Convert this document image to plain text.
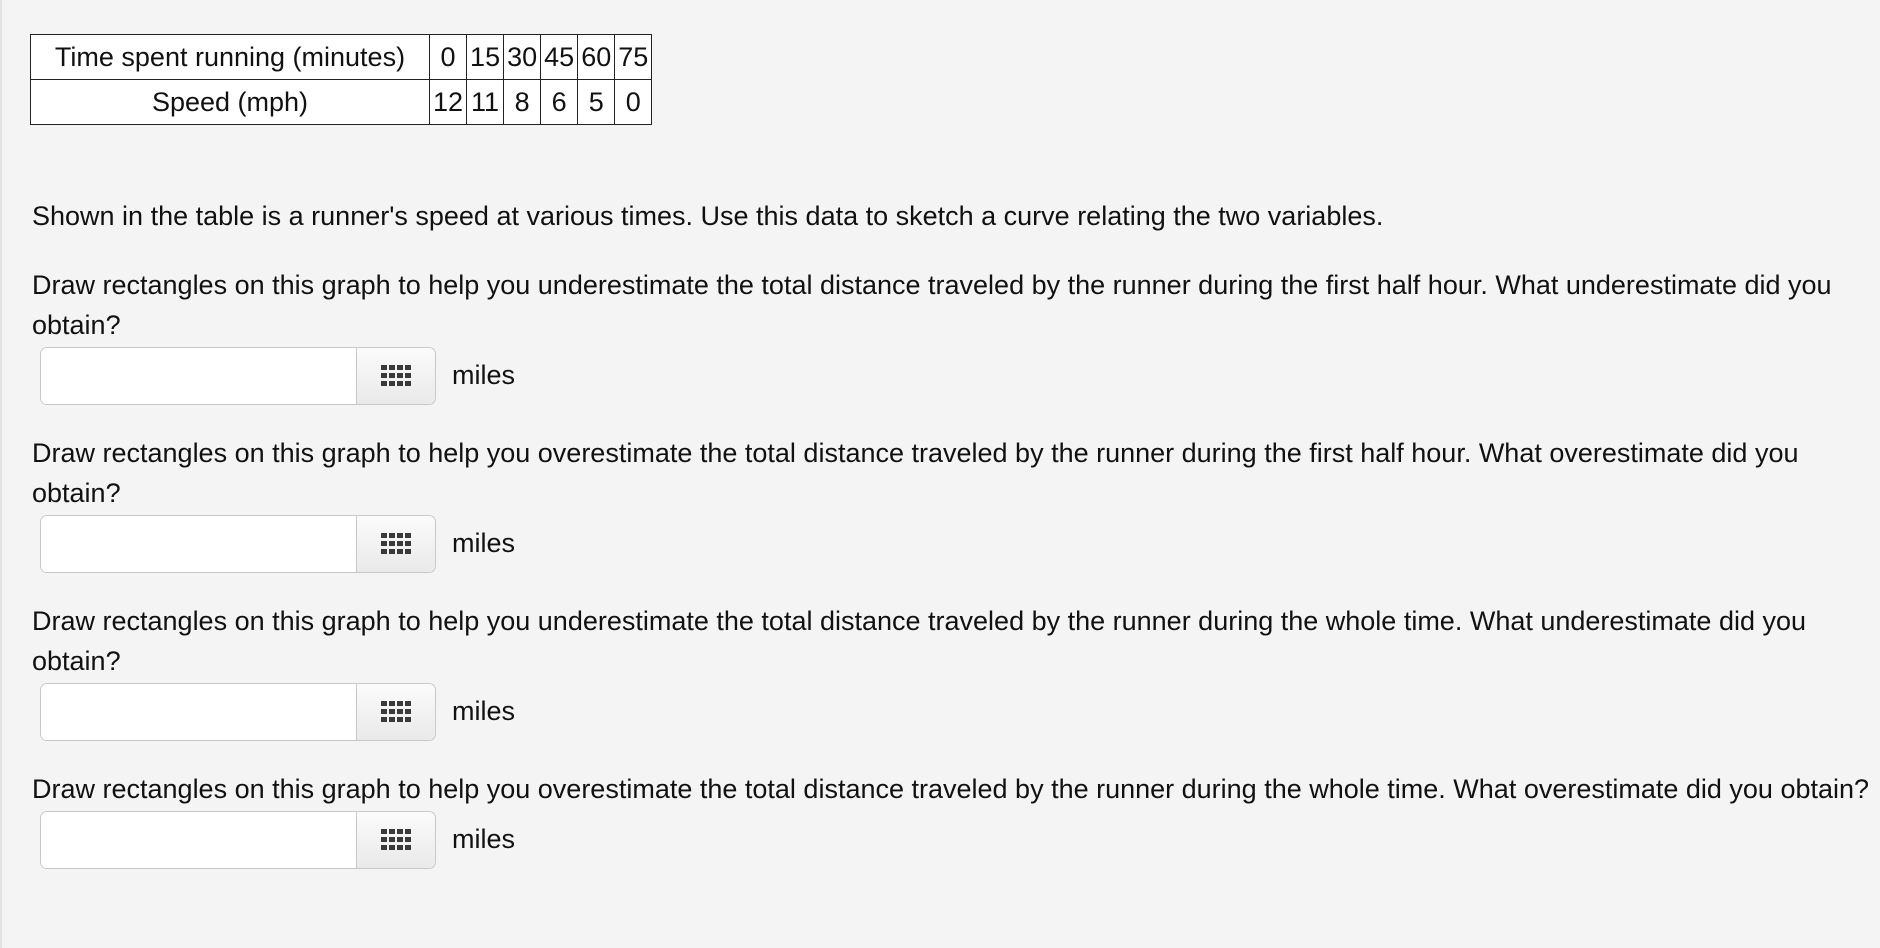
Time spent running (minutes)	0	15	30	45	60	75
Speed (mph)	12	11	8	6	5	0

Shown in the table is a runner's speed at various times. Use this data to sketch a curve relating the two variables.

Draw rectangles on this graph to help you underestimate the total distance traveled by the runner during the first half hour. What underestimate did you obtain?

miles

Draw rectangles on this graph to help you overestimate the total distance traveled by the runner during the first half hour. What overestimate did you obtain?

miles

Draw rectangles on this graph to help you underestimate the total distance traveled by the runner during the whole time. What underestimate did you obtain?

miles

Draw rectangles on this graph to help you overestimate the total distance traveled by the runner during the whole time. What overestimate did you obtain?

miles
